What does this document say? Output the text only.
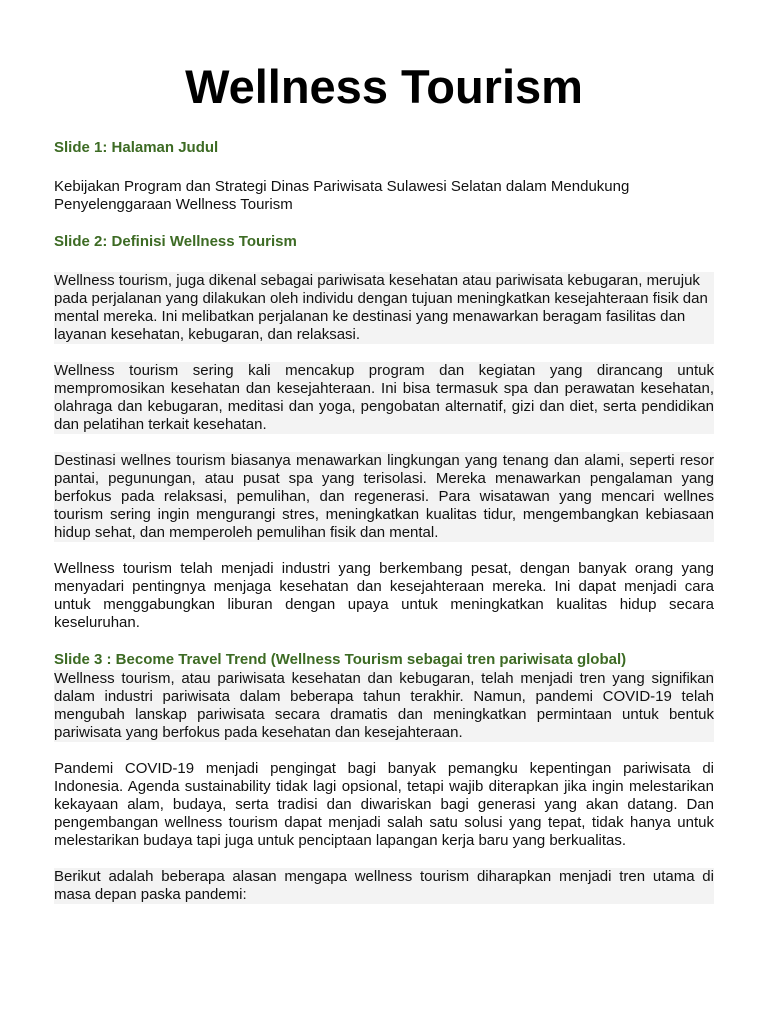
Wellness Tourism

Slide 1: Halaman Judul

Kebijakan Program dan Strategi Dinas Pariwisata Sulawesi Selatan dalam Mendukung Penyelenggaraan Wellness Tourism

Slide 2: Definisi Wellness Tourism

Wellness tourism, juga dikenal sebagai pariwisata kesehatan atau pariwisata kebugaran, merujuk pada perjalanan yang dilakukan oleh individu dengan tujuan meningkatkan kesejahteraan fisik dan mental mereka. Ini melibatkan perjalanan ke destinasi yang menawarkan beragam fasilitas dan layanan kesehatan, kebugaran, dan relaksasi.

Wellness tourism sering kali mencakup program dan kegiatan yang dirancang untuk mempromosikan kesehatan dan kesejahteraan. Ini bisa termasuk spa dan perawatan kesehatan, olahraga dan kebugaran, meditasi dan yoga, pengobatan alternatif, gizi dan diet, serta pendidikan dan pelatihan terkait kesehatan.

Destinasi wellnes tourism biasanya menawarkan lingkungan yang tenang dan alami, seperti resor pantai, pegunungan, atau pusat spa yang terisolasi. Mereka menawarkan pengalaman yang berfokus pada relaksasi, pemulihan, dan regenerasi. Para wisatawan yang mencari wellnes tourism sering ingin mengurangi stres, meningkatkan kualitas tidur, mengembangkan kebiasaan hidup sehat, dan memperoleh pemulihan fisik dan mental.

Wellness tourism telah menjadi industri yang berkembang pesat, dengan banyak orang yang menyadari pentingnya menjaga kesehatan dan kesejahteraan mereka. Ini dapat menjadi cara untuk menggabungkan liburan dengan upaya untuk meningkatkan kualitas hidup secara keseluruhan.

Slide 3 : Become Travel Trend (Wellness Tourism sebagai tren pariwisata global)

Wellness tourism, atau pariwisata kesehatan dan kebugaran, telah menjadi tren yang signifikan dalam industri pariwisata dalam beberapa tahun terakhir. Namun, pandemi COVID-19 telah mengubah lanskap pariwisata secara dramatis dan meningkatkan permintaan untuk bentuk pariwisata yang berfokus pada kesehatan dan kesejahteraan.

Pandemi COVID-19 menjadi pengingat bagi banyak pemangku kepentingan pariwisata di Indonesia. Agenda sustainability tidak lagi opsional, tetapi wajib diterapkan jika ingin melestarikan kekayaan alam, budaya, serta tradisi dan diwariskan bagi generasi yang akan datang. Dan pengembangan wellness tourism dapat menjadi salah satu solusi yang tepat, tidak hanya untuk melestarikan budaya tapi juga untuk penciptaan lapangan kerja baru yang berkualitas.

Berikut adalah beberapa alasan mengapa wellness tourism diharapkan menjadi tren utama di masa depan paska pandemi:
